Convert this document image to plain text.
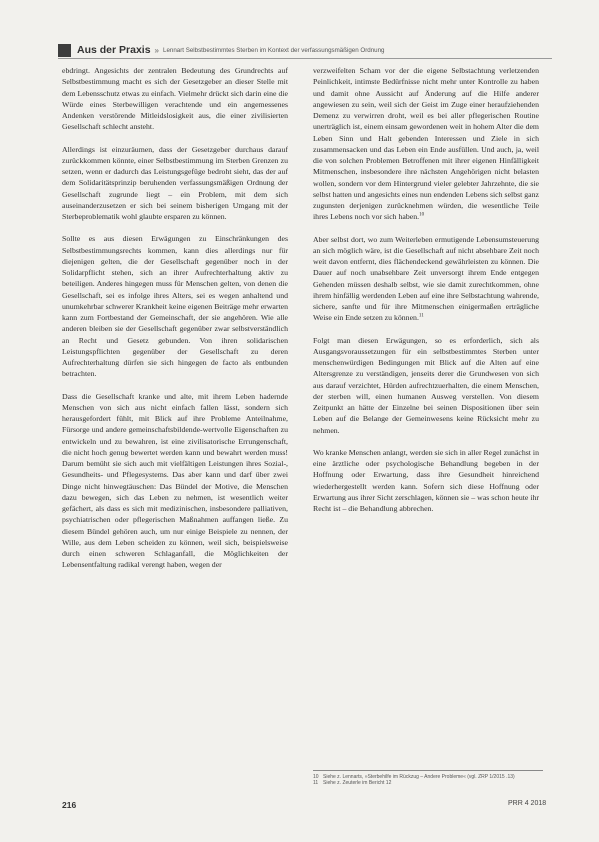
Aus der Praxis » Lennart Selbstbestimmtes Sterben im Kontext der verfassungsmäßigen Ordnung

ebdringt. Angesichts der zentralen Bedeutung des Grundrechts auf Selbstbestimmung macht es sich der Gesetzgeber an dieser Stelle mit dem Lebensschutz etwas zu einfach. Vielmehr drückt sich darin eine die Würde eines Sterbewilligen verachtende und ein angemessenes Andenken verstörende Mitleidslosigkeit aus, die einer zivilisierten Gesellschaft schlecht ansteht.

Allerdings ist einzuräumen, dass der Gesetzgeber durchaus darauf zurückkommen könnte, einer Selbstbestimmung im Sterben Grenzen zu setzen, wenn er dadurch das Leistungsgefüge bedroht sieht, das der auf dem Solidaritätsprinzip beruhenden verfassungsmäßigen Ordnung der Gesellschaft zugrunde liegt – ein Problem, mit dem sich auseinanderzusetzen er sich bei seinem bisherigen Umgang mit der Sterbeproblematik wohl glaubte ersparen zu können.

Sollte es aus diesen Erwägungen zu Einschränkungen des Selbstbestimmungsrechts kommen, kann dies allerdings nur für diejenigen gelten, die der Gesellschaft gegenüber noch in der Solidarpflicht stehen, sich an ihrer Aufrechterhaltung aktiv zu beteiligen. Anderes hingegen muss für Menschen gelten, von denen die Gesellschaft, sei es infolge ihres Alters, sei es wegen anhaltend und unumkehrbar schwerer Krankheit keine eigenen Beiträge mehr erwarten kann zum Fortbestand der Gemeinschaft, der sie angehören. Wie alle anderen bleiben sie der Gesellschaft gegenüber zwar selbstverständlich an Recht und Gesetz gebunden. Von ihren solidarischen Leistungspflichten gegenüber der Gesellschaft zu deren Aufrechterhaltung dürfen sie sich hingegen de facto als entbunden betrachten.

Dass die Gesellschaft kranke und alte, mit ihrem Leben hadernde Menschen von sich aus nicht einfach fallen lässt, sondern sich herausgefordert fühlt, mit Blick auf ihre Probleme Anteilnahme, Fürsorge und andere gemeinschaftsbildende-wertvolle Eigenschaften zu entwickeln und zu bewahren, ist eine zivilisatorische Errungenschaft, die nicht hoch genug bewertet werden kann und bewahrt werden muss! Darum bemüht sie sich auch mit vielfältigen Leistungen ihres Sozial-, Gesundheits- und Pflegesystems. Das aber kann und darf über zwei Dinge nicht hinwegtäuschen: Das Bündel der Motive, die Menschen dazu bewegen, sich das Leben zu nehmen, ist wesentlich weiter gefächert, als dass es sich mit medizinischen, insbesondere palliativen, psychiatrischen oder pflegerischen Maßnahmen auffangen ließe. Zu diesem Bündel gehören auch, um nur einige Beispiele zu nennen, der Wille, aus dem Leben scheiden zu können, weil sich, beispielsweise durch einen schweren Schlaganfall, die Möglichkeiten der Lebensentfaltung radikal verengt haben, wegen der

verzweifelten Scham vor der die eigene Selbstachtung verletzenden Peinlichkeit, intimste Bedürfnisse nicht mehr unter Kontrolle zu haben und damit ohne Aussicht auf Änderung auf die Hilfe anderer angewiesen zu sein, weil sich der Geist im Zuge einer heraufziehenden Demenz zu verwirren droht, weil es bei aller pflegerischen Routine unerträglich ist, einem einsam gewordenen weit in hohem Alter die dem Leben Sinn und Halt gebenden Interessen und Ziele in sich zusammensacken und das Leben ein Ende ausfüllen. Und auch, ja, weil die von solchen Problemen Betroffenen mit ihrer eigenen Hinfälligkeit Mitmenschen, insbesondere ihre nächsten Angehörigen nicht belasten wollen, sondern vor dem Hintergrund vieler gelebter Jahrzehnte, die sie selbst hatten und angesichts eines nun endenden Lebens sich selbst ganz zugunsten derjenigen zurücknehmen würden, die wesentliche Teile ihres Lebens noch vor sich haben.$^{10}$

Aber selbst dort, wo zum Weiterleben ermutigende Lebensumsteuerung an sich möglich wäre, ist die Gesellschaft auf nicht absehbare Zeit noch weit davon entfernt, dies flächendeckend gewährleisten zu können. Die Dauer auf noch unabsehbare Zeit unversorgt ihrem Ende entgegen Gehenden müssen deshalb selbst, wie sie damit zurechtkommen, ohne ihrem hinfällig werdenden Leben auf eine ihre Selbstachtung wahrende, sichere, sanfte und für ihre Mitmenschen einigermaßen erträgliche Weise ein Ende setzen zu können.$^{11}$

Folgt man diesen Erwägungen, so es erforderlich, sich als Ausgangsvoraussetzungen für ein selbstbestimmtes Sterben unter menschenwürdigen Bedingungen mit Blick auf die Alten auf eine Altersgrenze zu verständigen, jenseits derer die Grundwesen von sich aus darauf verzichtet, Hürden aufrechtzuerhalten, die einem Menschen, der sterben will, einen humanen Ausweg verstellen. Von diesem Zeitpunkt an hätte der Einzelne bei seinen Dispositionen über sein Leben auf die Belange der Gemeinwesens keine Rücksicht mehr zu nehmen.

Wo kranke Menschen anlangt, werden sie sich in aller Regel zunächst in eine ärztliche oder psychologische Behandlung begeben in der Hoffnung oder Erwartung, dass ihre Gesundheit hinreichend wiederhergestellt werden kann. Sofern sich diese Hoffnung oder Erwartung aus ihrer Sicht zerschlagen, können sie – was schon heute ihr Recht ist – die Behandlung abbrechen.

10 Siehe z. Lennarts, »Sterbehilfe im Rückzug – Andere Probleme« (vgl. ZRP 1/2015 .13)
11 Siehe z. Zeuterle im Bericht 12
216	PRR 4 2018
